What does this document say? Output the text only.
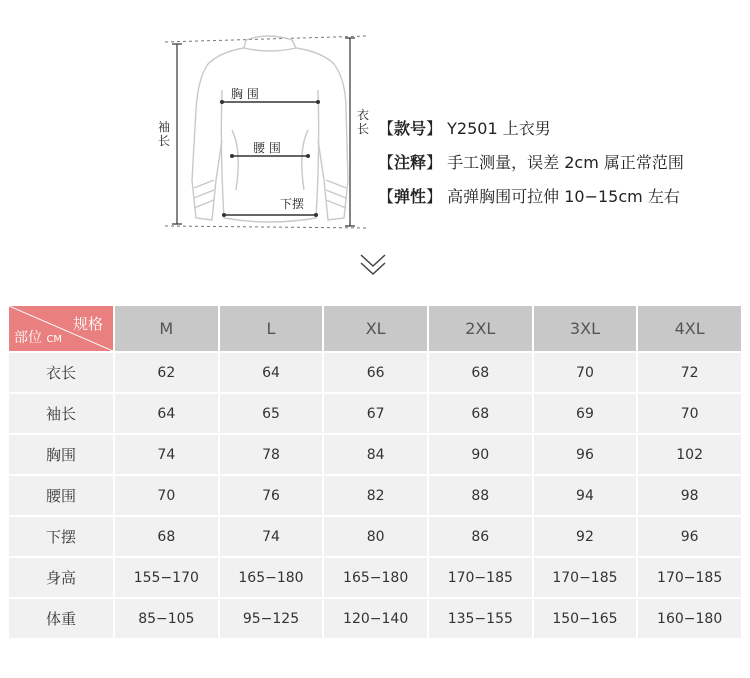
胸 围
腰 围
下摆
袖长
衣长 【款号】 Y2501 上衣男
【注释】 手工测量，误差 2cm 属正常范围
【弹性】 高弹胸围可拉伸 10−15cm 左右
规格
部位 CM	M	L	XL	2XL	3XL	4XL
衣长	62	64	66	68	70	72
袖长	64	65	67	68	69	70
胸围	74	78	84	90	96	102
腰围	70	76	82	88	94	98
下摆	68	74	80	86	92	96
身高	155−170	165−180	165−180	170−185	170−185	170−185
体重	85−105	95−125	120−140	135−155	150−165	160−180
